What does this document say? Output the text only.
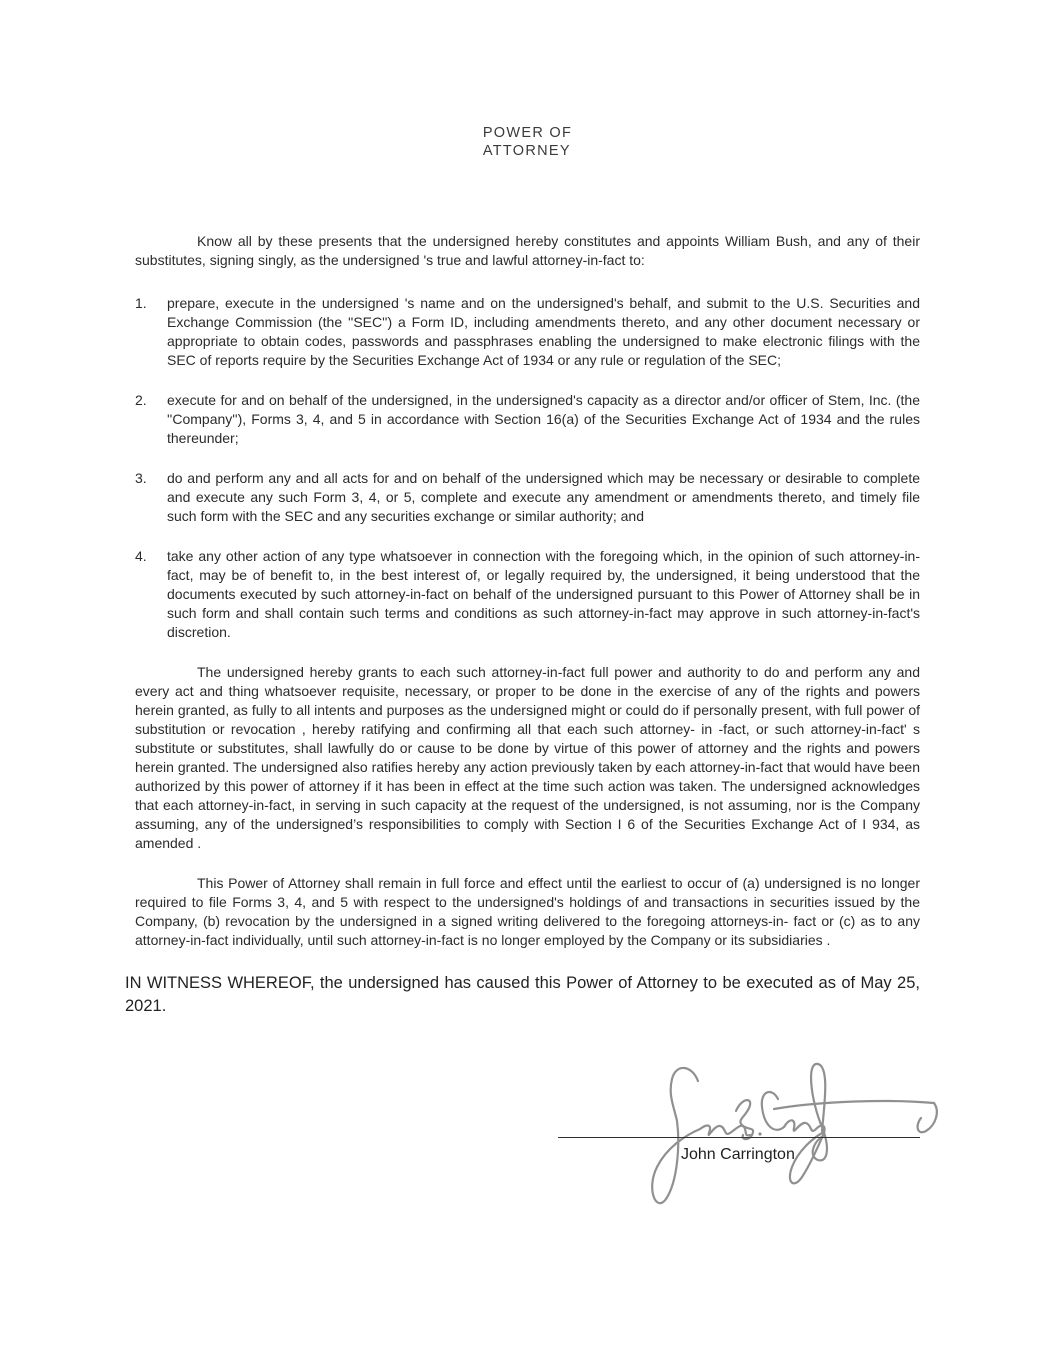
POWER OF
ATTORNEY

Know all by these presents that the undersigned hereby constitutes and appoints William Bush, and any of their substitutes, signing singly, as the undersigned 's true and lawful attorney-in-fact to:

1.	prepare, execute in the undersigned 's name and on the undersigned's behalf, and submit to the U.S. Securities and Exchange Commission (the ''SEC'') a Form ID, including amendments thereto, and any other document necessary or appropriate to obtain codes, passwords and passphrases enabling the undersigned to make electronic filings with the SEC of reports require by the Securities Exchange Act of 1934 or any rule or regulation of the SEC;
2.	execute for and on behalf of the undersigned, in the undersigned's capacity as a director and/or officer of Stem, Inc. (the ''Company''), Forms 3, 4, and 5 in accordance with Section 16(a) of the Securities Exchange Act of 1934 and the rules thereunder;
3.	do and perform any and all acts for and on behalf of the undersigned which may be necessary or desirable to complete and execute any such Form 3, 4, or 5, complete and execute any amendment or amendments thereto, and timely file such form with the SEC and any securities exchange or similar authority; and
4.	take any other action of any type whatsoever in connection with the foregoing which, in the opinion of such attorney-in-fact, may be of benefit to, in the best interest of, or legally required by, the undersigned, it being understood that the documents executed by such attorney-in-fact on behalf of the undersigned pursuant to this Power of Attorney shall be in such form and shall contain such terms and conditions as such attorney-in-fact may approve in such attorney-in-fact's discretion.

The undersigned hereby grants to each such attorney-in-fact full power and authority to do and perform any and every act and thing whatsoever requisite, necessary, or proper to be done in the exercise of any of the rights and powers herein granted, as fully to all intents and purposes as the undersigned might or could do if personally present, with full power of substitution or revocation , hereby ratifying and confirming all that each such attorney- in -fact, or such attorney-in-fact' s substitute or substitutes, shall lawfully do or cause to be done by virtue of this power of attorney and the rights and powers herein granted. The undersigned also ratifies hereby any action previously taken by each attorney-in-fact that would have been authorized by this power of attorney if it has been in effect at the time such action was taken. The undersigned acknowledges that each attorney-in-fact, in serving in such capacity at the request of the undersigned, is not assuming, nor is the Company assuming, any of the undersigned’s responsibilities to comply with Section I 6 of the Securities Exchange Act of I 934, as amended .

This Power of Attorney shall remain in full force and effect until the earliest to occur of (a) undersigned is no longer required to file Forms 3, 4, and 5 with respect to the undersigned's holdings of and transactions in securities issued by the Company, (b) revocation by the undersigned in a signed writing delivered to the foregoing attorneys-in- fact or (c) as to any attorney-in-fact individually, until such attorney-in-fact is no longer employed by the Company or its subsidiaries .

IN WITNESS WHEREOF, the undersigned has caused this Power of Attorney to be executed as of May 25, 2021.

John Carrington
